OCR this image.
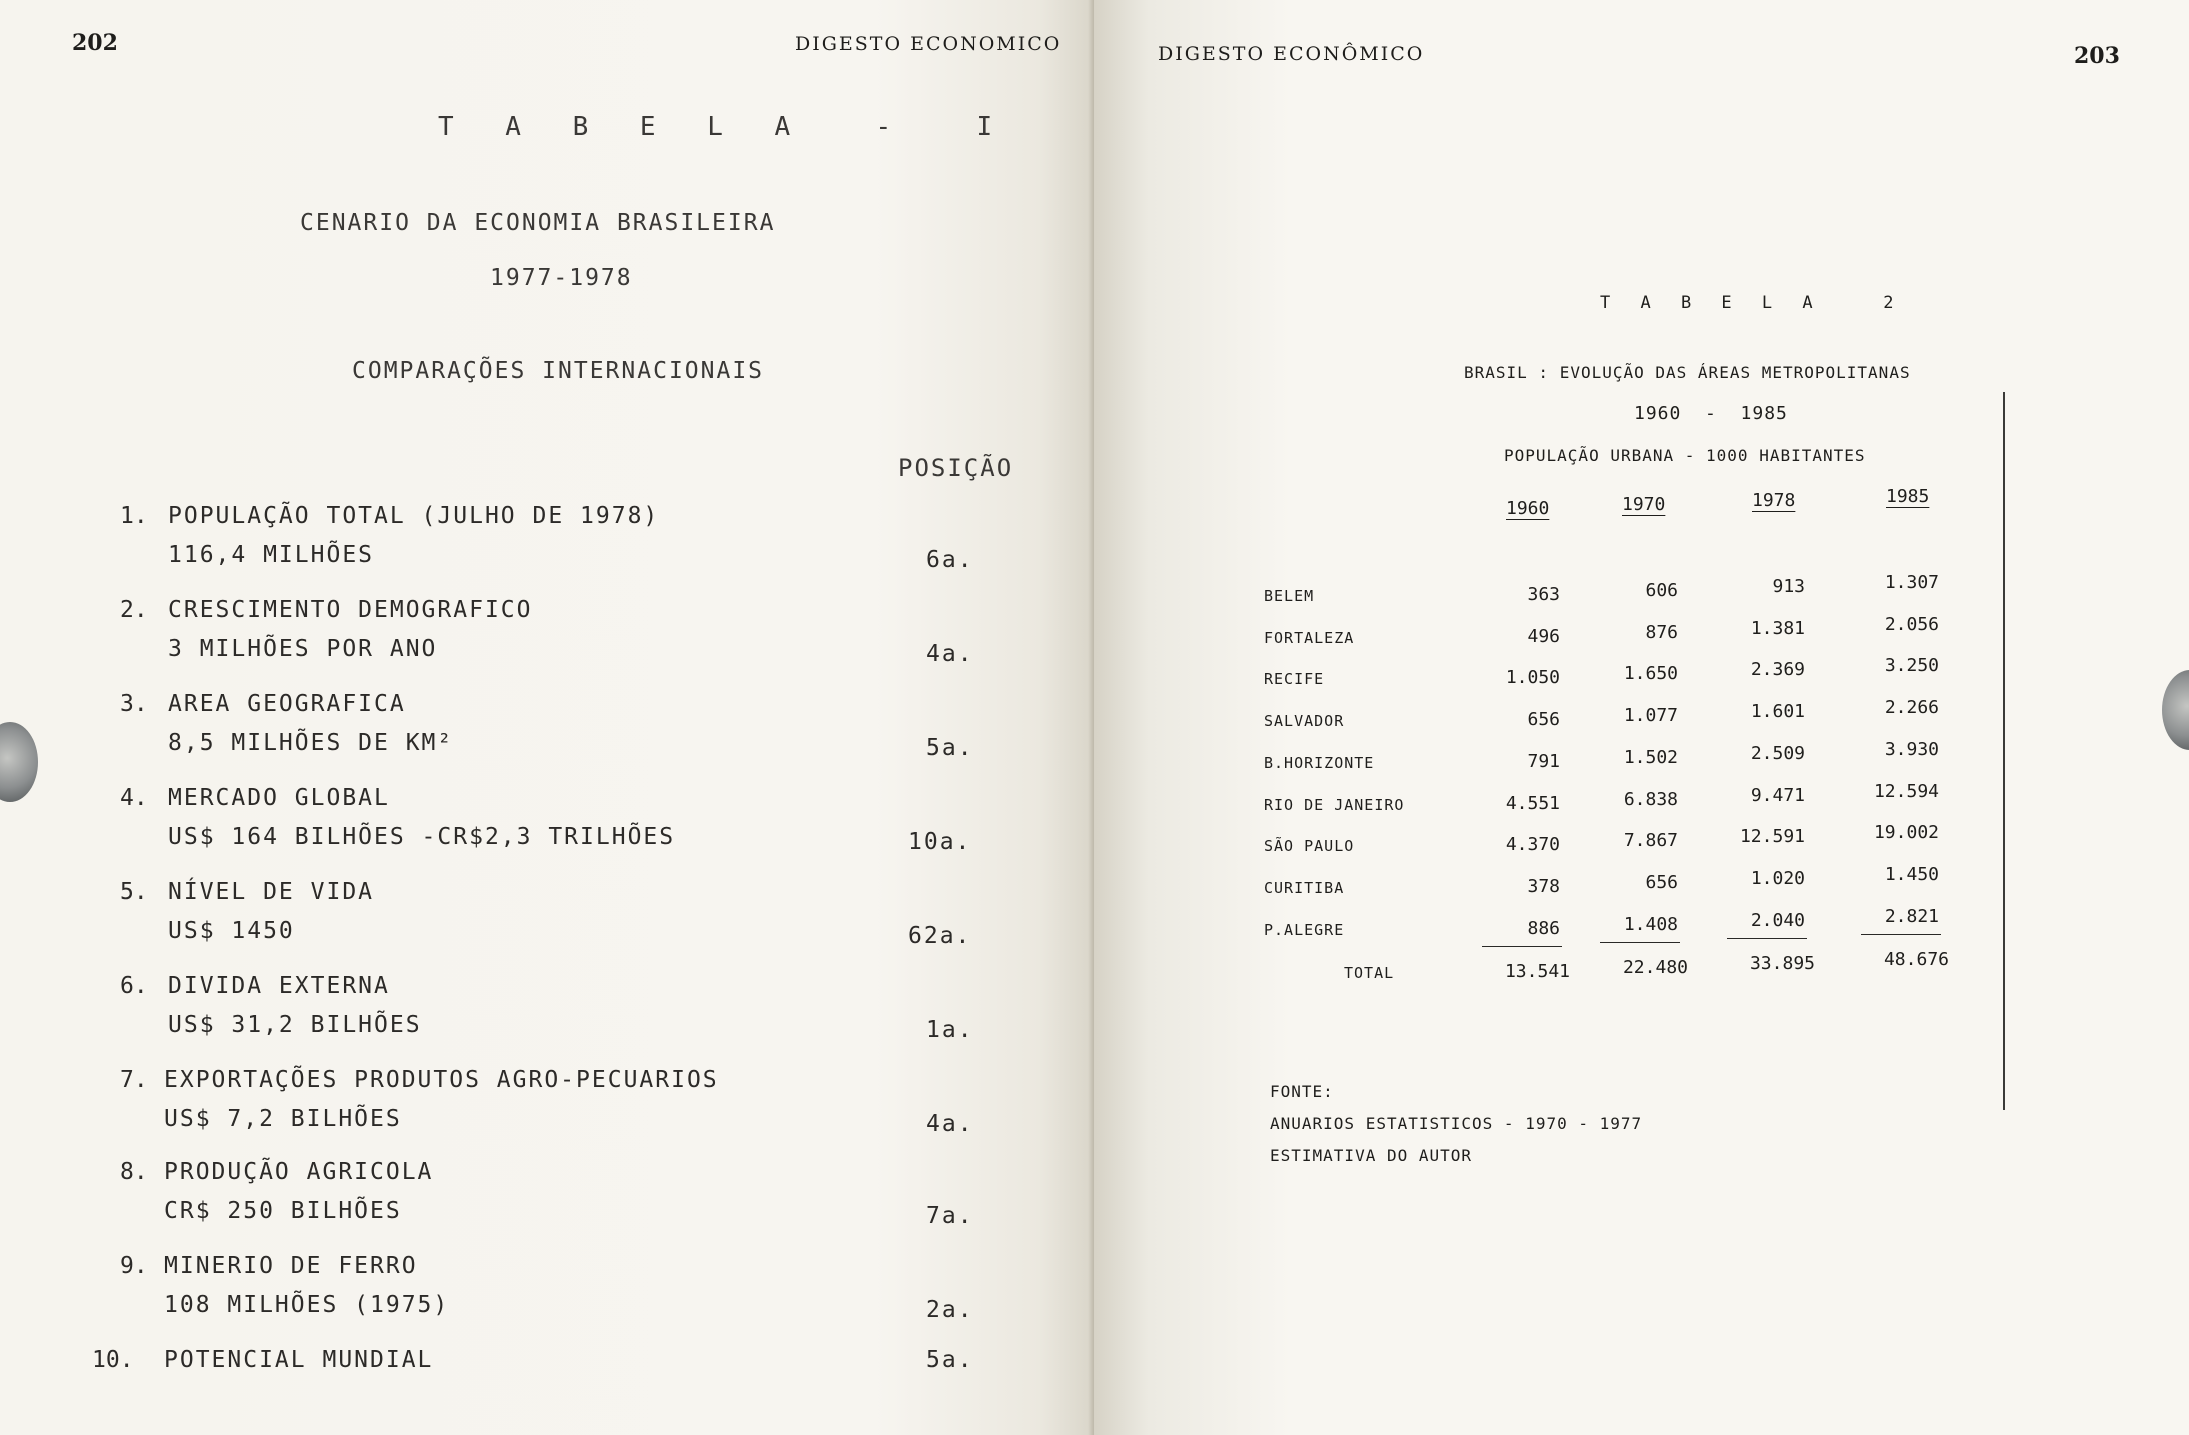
202	DIGESTO ECONOMICO
T A B E L A  -  I
CENARIO DA ECONOMIA BRASILEIRA
1977-1978
COMPARAÇÕES INTERNACIONAIS
POSIÇÃO
1. POPULAÇÃO TOTAL (JULHO DE 1978)
116,4 MILHÕES	6a.
2. CRESCIMENTO DEMOGRAFICO
3 MILHÕES POR ANO	4a.
3. AREA GEOGRAFICA
8,5 MILHÕES DE KM²	5a.
4. MERCADO GLOBAL
US$ 164 BILHÕES -CR$2,3 TRILHÕES	10a.
5. NÍVEL DE VIDA
US$ 1450	62a.
6. DIVIDA EXTERNA
US$ 31,2 BILHÕES	1a.
7. EXPORTAÇÕES PRODUTOS AGRO-PECUARIOS
US$ 7,2 BILHÕES	4a.
8. PRODUÇÃO AGRICOLA
CR$ 250 BILHÕES	7a.
9. MINERIO DE FERRO
108 MILHÕES (1975)	2a.
10. POTENCIAL MUNDIAL	5a.
DIGESTO ECONÔMICO	203
T A B E L A   2
BRASIL : EVOLUÇÃO DAS ÁREAS METROPOLITANAS
1960  -  1985
POPULAÇÃO URBANA - 1000 HABITANTES
1960	1970	1978	1985
BELEM	363	606	913	1.307
FORTALEZA	496	876	1.381	2.056
RECIFE	1.050	1.650	2.369	3.250
SALVADOR	656	1.077	1.601	2.266
B.HORIZONTE	791	1.502	2.509	3.930
RIO DE JANEIRO	4.551	6.838	9.471	12.594
SÃO PAULO	4.370	7.867	12.591	19.002
CURITIBA	378	656	1.020	1.450
P.ALEGRE	886	1.408	2.040	2.821
TOTAL	13.541	22.480	33.895	48.676
FONTE:
ANUARIOS ESTATISTICOS - 1970 - 1977
ESTIMATIVA DO AUTOR
